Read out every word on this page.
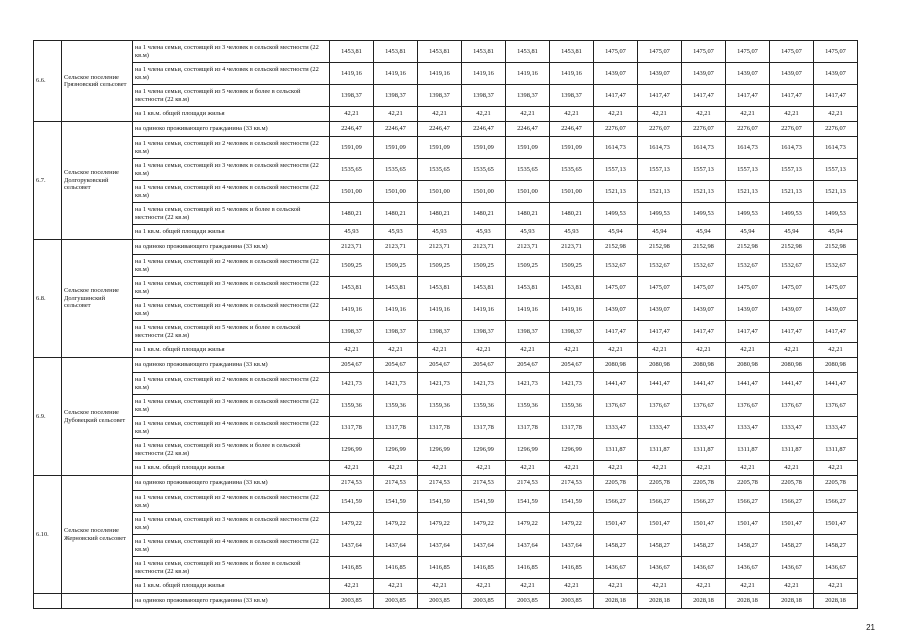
6.6.	Сельское поселение Грязновский сельсовет	на 1 члена семьи, состоящей из 3 человек в сельской местности (22 кв.м)	1453,81	1453,81	1453,81	1453,81	1453,81	1453,81	1475,07	1475,07	1475,07	1475,07	1475,07	1475,07
		на 1 члена семьи, состоящей из 4 человек в сельской местности (22 кв.м)	1419,16	1419,16	1419,16	1419,16	1419,16	1419,16	1439,07	1439,07	1439,07	1439,07	1439,07	1439,07
		на 1 члена семьи, состоящей из 5 человек и более в сельской местности (22 кв.м)	1398,37	1398,37	1398,37	1398,37	1398,37	1398,37	1417,47	1417,47	1417,47	1417,47	1417,47	1417,47
		на 1 кв.м. общей площади жилья	42,21	42,21	42,21	42,21	42,21	42,21	42,21	42,21	42,21	42,21	42,21	42,21
6.7.	Сельское поселение Долгоруковский сельсовет	на одиноко проживающего гражданина (33 кв.м)	2246,47	2246,47	2246,47	2246,47	2246,47	2246,47	2276,07	2276,07	2276,07	2276,07	2276,07	2276,07
		на 1 члена семьи, состоящей из 2 человек в сельской местности (22 кв.м)	1591,09	1591,09	1591,09	1591,09	1591,09	1591,09	1614,73	1614,73	1614,73	1614,73	1614,73	1614,73
		на 1 члена семьи, состоящей из 3 человек в сельской местности (22 кв.м)	1535,65	1535,65	1535,65	1535,65	1535,65	1535,65	1557,13	1557,13	1557,13	1557,13	1557,13	1557,13
		на 1 члена семьи, состоящей из 4 человек в сельской местности (22 кв.м)	1501,00	1501,00	1501,00	1501,00	1501,00	1501,00	1521,13	1521,13	1521,13	1521,13	1521,13	1521,13
		на 1 члена семьи, состоящей из 5 человек и более в сельской местности (22 кв.м)	1480,21	1480,21	1480,21	1480,21	1480,21	1480,21	1499,53	1499,53	1499,53	1499,53	1499,53	1499,53
		на 1 кв.м. общей площади жилья	45,93	45,93	45,93	45,93	45,93	45,93	45,94	45,94	45,94	45,94	45,94	45,94
6.8.	Сельское поселение Долгушинский сельсовет	на одиноко проживающего гражданина (33 кв.м)	2123,71	2123,71	2123,71	2123,71	2123,71	2123,71	2152,98	2152,98	2152,98	2152,98	2152,98	2152,98
		на 1 члена семьи, состоящей из 2 человек в сельской местности (22 кв.м)	1509,25	1509,25	1509,25	1509,25	1509,25	1509,25	1532,67	1532,67	1532,67	1532,67	1532,67	1532,67
		на 1 члена семьи, состоящей из 3 человек в сельской местности (22 кв.м)	1453,81	1453,81	1453,81	1453,81	1453,81	1453,81	1475,07	1475,07	1475,07	1475,07	1475,07	1475,07
		на 1 члена семьи, состоящей из 4 человек в сельской местности (22 кв.м)	1419,16	1419,16	1419,16	1419,16	1419,16	1419,16	1439,07	1439,07	1439,07	1439,07	1439,07	1439,07
		на 1 члена семьи, состоящей из 5 человек и более в сельской местности (22 кв.м)	1398,37	1398,37	1398,37	1398,37	1398,37	1398,37	1417,47	1417,47	1417,47	1417,47	1417,47	1417,47
		на 1 кв.м. общей площади жилья	42,21	42,21	42,21	42,21	42,21	42,21	42,21	42,21	42,21	42,21	42,21	42,21
6.9.	Сельское поселение Дубовецкий сельсовет	на одиноко проживающего гражданина (33 кв.м)	2054,67	2054,67	2054,67	2054,67	2054,67	2054,67	2080,98	2080,98	2080,98	2080,98	2080,98	2080,98
		на 1 члена семьи, состоящей из 2 человек в сельской местности (22 кв.м)	1421,73	1421,73	1421,73	1421,73	1421,73	1421,73	1441,47	1441,47	1441,47	1441,47	1441,47	1441,47
		на 1 члена семьи, состоящей из 3 человек в сельской местности (22 кв.м)	1359,36	1359,36	1359,36	1359,36	1359,36	1359,36	1376,67	1376,67	1376,67	1376,67	1376,67	1376,67
		на 1 члена семьи, состоящей из 4 человек в сельской местности (22 кв.м)	1317,78	1317,78	1317,78	1317,78	1317,78	1317,78	1333,47	1333,47	1333,47	1333,47	1333,47	1333,47
		на 1 члена семьи, состоящей из 5 человек и более в сельской местности (22 кв.м)	1296,99	1296,99	1296,99	1296,99	1296,99	1296,99	1311,87	1311,87	1311,87	1311,87	1311,87	1311,87
		на 1 кв.м. общей площади жилья	42,21	42,21	42,21	42,21	42,21	42,21	42,21	42,21	42,21	42,21	42,21	42,21
6.10.	Сельское поселение Жерновский сельсовет	на одиноко проживающего гражданина (33 кв.м)	2174,53	2174,53	2174,53	2174,53	2174,53	2174,53	2205,78	2205,78	2205,78	2205,78	2205,78	2205,78
		на 1 члена семьи, состоящей из 2 человек в сельской местности (22 кв.м)	1541,59	1541,59	1541,59	1541,59	1541,59	1541,59	1566,27	1566,27	1566,27	1566,27	1566,27	1566,27
		на 1 члена семьи, состоящей из 3 человек в сельской местности (22 кв.м)	1479,22	1479,22	1479,22	1479,22	1479,22	1479,22	1501,47	1501,47	1501,47	1501,47	1501,47	1501,47
		на 1 члена семьи, состоящей из 4 человек в сельской местности (22 кв.м)	1437,64	1437,64	1437,64	1437,64	1437,64	1437,64	1458,27	1458,27	1458,27	1458,27	1458,27	1458,27
		на 1 члена семьи, состоящей из 5 человек и более в сельской местности (22 кв.м)	1416,85	1416,85	1416,85	1416,85	1416,85	1416,85	1436,67	1436,67	1436,67	1436,67	1436,67	1436,67
		на 1 кв.м. общей площади жилья	42,21	42,21	42,21	42,21	42,21	42,21	42,21	42,21	42,21	42,21	42,21	42,21
		на одиноко проживающего гражданина (33 кв.м)	2003,85	2003,85	2003,85	2003,85	2003,85	2003,85	2028,18	2028,18	2028,18	2028,18	2028,18	2028,18
21
